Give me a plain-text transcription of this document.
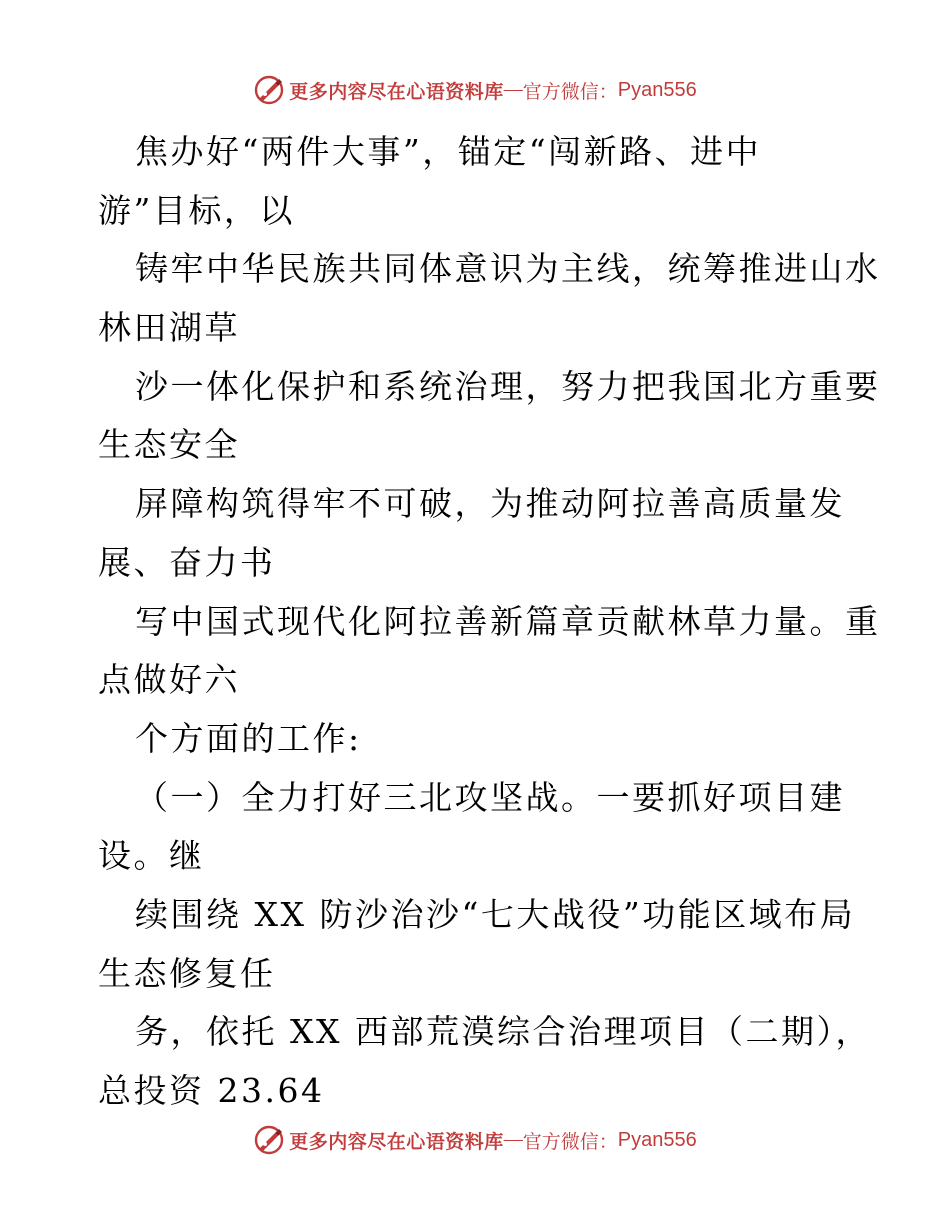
更多内容尽在心语资料库 — 官方微信： Pyan556
焦办好“两件大事”，锚定“闯新路、进中
游”目标，以
铸牢中华民族共同体意识为主线，统筹推进山水
林田湖草
沙一体化保护和系统治理，努力把我国北方重要
生态安全
屏障构筑得牢不可破，为推动阿拉善高质量发
展、奋力书
写中国式现代化阿拉善新篇章贡献林草力量。重
点做好六
个方面的工作:
（一）全力打好三北攻坚战。一要抓好项目建
设。继
续围绕 XX 防沙治沙“七大战役”功能区域布局
生态修复任
务，依托 XX 西部荒漠综合治理项目（二期），
总投资 23.64
更多内容尽在心语资料库 — 官方微信： Pyan556
